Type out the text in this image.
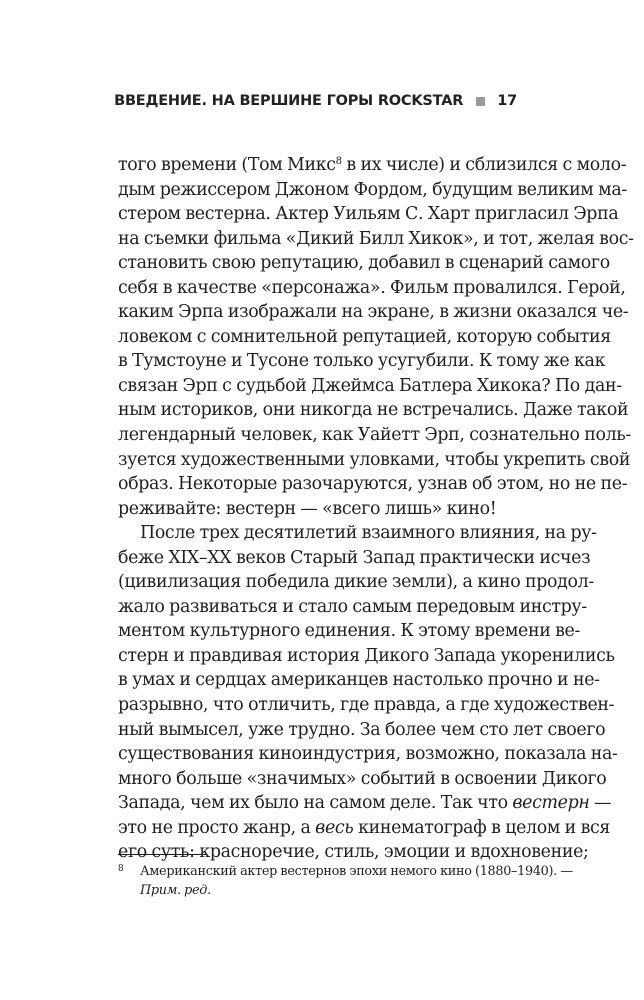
ВВЕДЕНИЕ. НА ВЕРШИНЕ ГОРЫ ROCKSTAR 17
того времени (Том Микс$^8$ в их числе) и сблизился с моло-
дым режиссером Джоном Фордом, будущим великим ма-
стером вестерна. Актер Уильям С. Харт пригласил Эрпа
на съемки фильма «Дикий Билл Хикок», и тот, желая вос-
становить свою репутацию, добавил в сценарий самого
себя в качестве «персонажа». Фильм провалился. Герой,
каким Эрпа изображали на экране, в жизни оказался че-
ловеком с сомнительной репутацией, которую события
в Тумстоуне и Тусоне только усугубили. К тому же как
связан Эрп с судьбой Джеймса Батлера Хикока? По дан-
ным историков, они никогда не встречались. Даже такой
легендарный человек, как Уайетт Эрп, сознательно поль-
зуется художественными уловками, чтобы укрепить свой
образ. Некоторые разочаруются, узнав об этом, но не пе-
реживайте: вестерн — «всего лишь» кино!
После трех десятилетий взаимного влияния, на ру-
беже XIX–XX веков Старый Запад практически исчез
(цивилизация победила дикие земли), а кино продол-
жало развиваться и стало самым передовым инстру-
ментом культурного единения. К этому времени ве-
стерн и правдивая история Дикого Запада укоренились
в умах и сердцах американцев настолько прочно и не-
разрывно, что отличить, где правда, а где художествен-
ный вымысел, уже трудно. За более чем сто лет своего
существования киноиндустрия, возможно, показала на-
много больше «значимых» событий в освоении Дикого
Запада, чем их было на самом деле. Так что вестерн —
это не просто жанр, а весь кинематограф в целом и вся
его суть: красноречие, стиль, эмоции и вдохновение;
8 Американский актер вестернов эпохи немого кино (1880–1940). —
Прим. ред.
